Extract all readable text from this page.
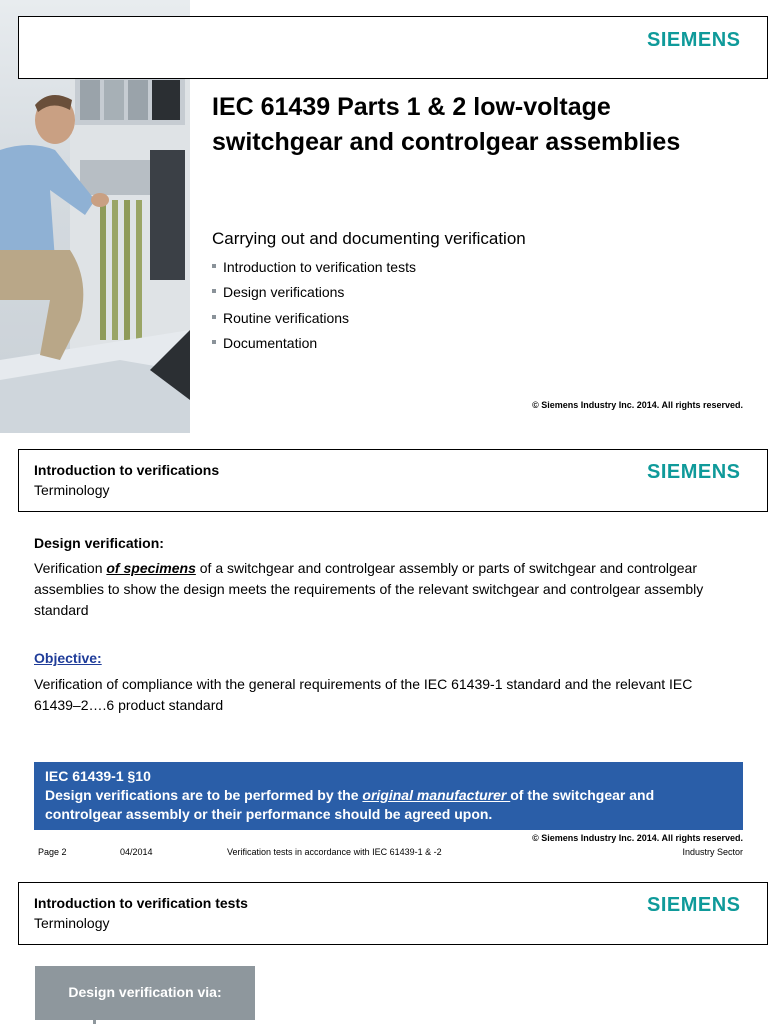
SIEMENS
IEC 61439 Parts 1 & 2 low-voltage switchgear and controlgear assemblies
Carrying out and documenting verification
Introduction to verification tests
Design verifications
Routine verifications
Documentation
© Siemens Industry Inc. 2014. All rights reserved.
Introduction to verifications
Terminology
SIEMENS
Design verification:
Verification of specimens of a switchgear and controlgear assembly or parts of switchgear and controlgear assemblies to show the design meets the requirements of the relevant switchgear and controlgear assembly standard
Objective:
Verification of compliance with the general requirements of the IEC 61439-1 standard and the relevant IEC 61439–2….6 product standard
IEC 61439-1 §10
Design verifications are to be performed by the original manufacturer of the switchgear and controlgear assembly or their performance should be agreed upon.
© Siemens Industry Inc. 2014. All rights reserved.
Page 2	04/2014	Verification tests in accordance with IEC 61439-1 & -2	Industry Sector
Introduction to verification tests
Terminology
SIEMENS
Design verification via:
